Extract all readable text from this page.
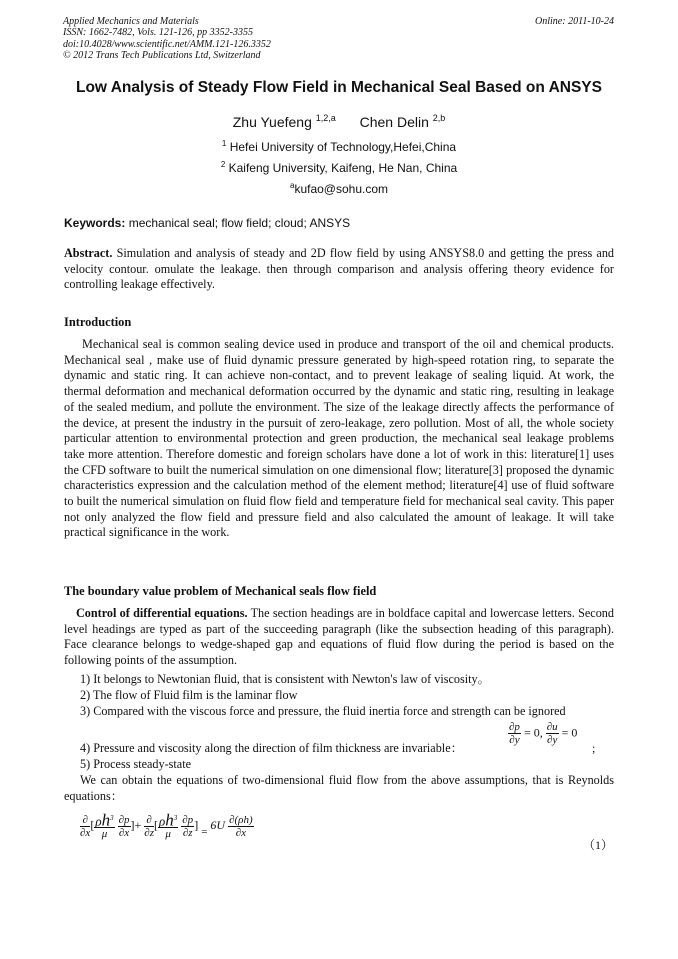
Applied Mechanics and Materials
ISSN: 1662-7482, Vols. 121-126, pp 3352-3355
doi:10.4028/www.scientific.net/AMM.121-126.3352
© 2012 Trans Tech Publications Ltd, Switzerland
Online: 2011-10-24
Low Analysis of Steady Flow Field in Mechanical Seal Based on ANSYS
Zhu Yuefeng $^{1,2,a}$ Chen Delin $^{2,b}$
$^1$ Hefei University of Technology,Hefei,China
$^2$ Kaifeng University, Kaifeng, He Nan, China
$^a$kufao@sohu.com
Keywords: mechanical seal; flow field; cloud; ANSYS
Abstract. Simulation and analysis of steady and 2D flow field by using ANSYS8.0 and getting the press and velocity contour. omulate the leakage. then through comparison and analysis offering theory evidence for controlling leakage effectively.
Introduction
Mechanical seal is common sealing device used in produce and transport of the oil and chemical products. Mechanical seal , make use of fluid dynamic pressure generated by high-speed rotation ring, to separate the dynamic and static ring. It can achieve non-contact, and to prevent leakage of sealing liquid. At work, the thermal deformation and mechanical deformation occurred by the dynamic and static ring, resulting in leakage of the sealed medium, and pollute the environment. The size of the leakage directly affects the performance of the device, at present the industry in the pursuit of zero-leakage, zero pollution. Most of all, the whole society particular attention to environmental protection and green production, the mechanical seal leakage problems take more attention. Therefore domestic and foreign scholars have done a lot of work in this: literature[1] uses the CFD software to built the numerical simulation on one dimensional flow; literature[3] proposed the dynamic characteristics expression and the calculation method of the element method; literature[4] use of fluid software to built the numerical simulation on fluid flow field and temperature field for mechanical seal cavity. This paper not only analyzed the flow field and pressure field and also calculated the amount of leakage. It will take practical significance in the work.
The boundary value problem of Mechanical seals flow field
Control of differential equations. The section headings are in boldface capital and lowercase letters. Second level headings are typed as part of the succeeding paragraph (like the subsection heading of this paragraph). Face clearance belongs to wedge-shaped gap and equations of fluid flow during the period is based on the following points of the assumption.
1) It belongs to Newtonian fluid, that is consistent with Newton's law of viscosity。
2) The flow of Fluid film is the laminar flow
3) Compared with the viscous force and pressure, the fluid inertia force and strength can be ignored
4) Pressure and viscosity along the direction of film thickness are invariable：
$\frac{\partial p}{\partial y} = 0$, $\frac{\partial u}{\partial y} = 0$
;
5) Process steady-state
We can obtain the equations of two-dimensional fluid flow from the above assumptions, that is Reynolds equations：
$\frac{\partial}{\partial x}$ [ $\frac{\rho h^3}{\mu}$
$\frac{\partial p}{\partial x}$ ]+ $\frac{\partial}{\partial z}$ [ $\frac{\rho h^3}{\mu}$
$\frac{\partial p}{\partial z}$ ] = $6U \frac{\partial(\rho h)}{\partial x}$
（1）
